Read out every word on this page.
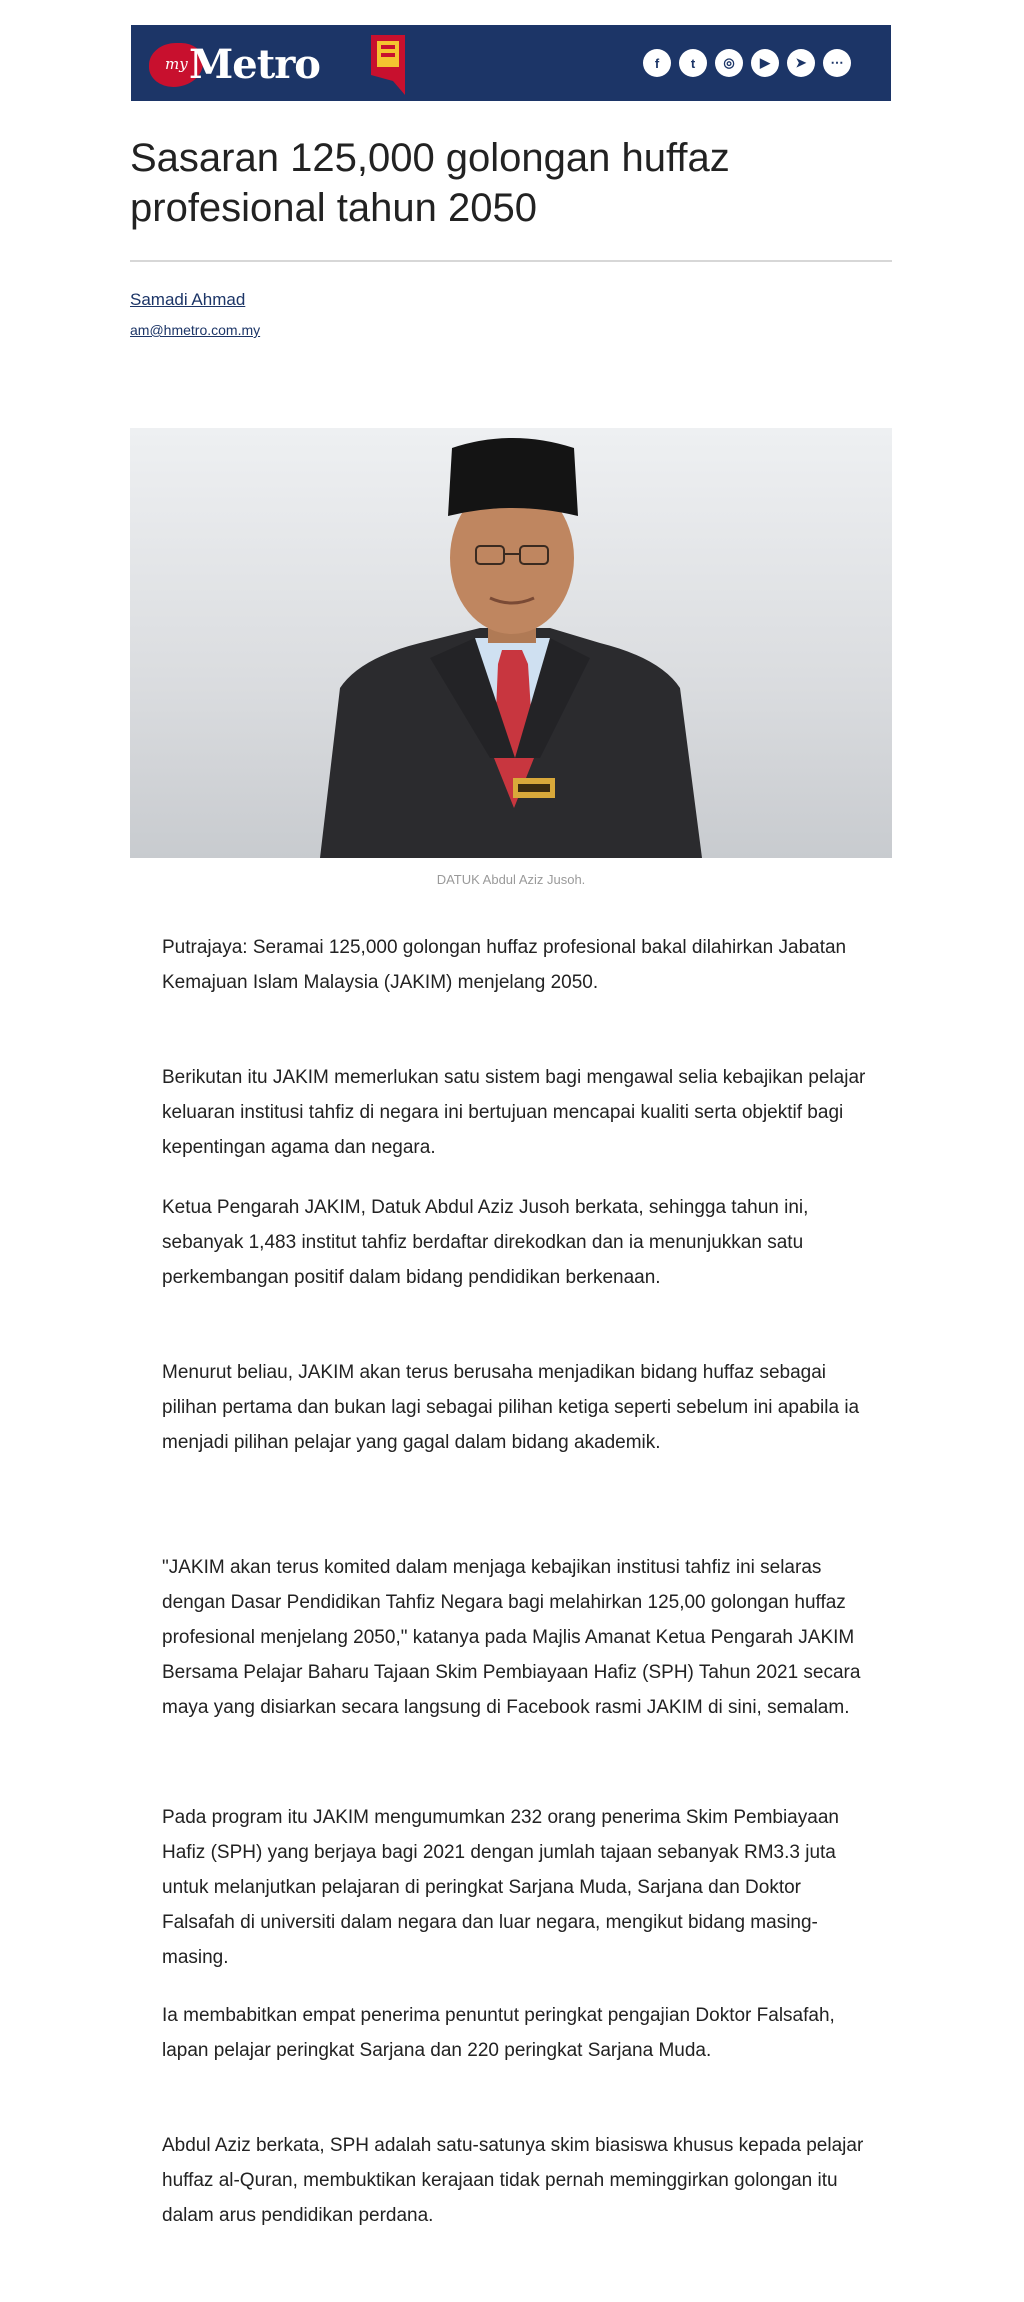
my Metro	f	t	◎	▶	➤	⋯
Sasaran 125,000 golongan huffaz profesional tahun 2050
Samadi Ahmad
am@hmetro.com.my
DATUK Abdul Aziz Jusoh.

Putrajaya: Seramai 125,000 golongan huffaz profesional bakal dilahirkan Jabatan Kemajuan Islam Malaysia (JAKIM) menjelang 2050.

Berikutan itu JAKIM memerlukan satu sistem bagi mengawal selia kebajikan pelajar keluaran institusi tahfiz di negara ini bertujuan mencapai kualiti serta objektif bagi kepentingan agama dan negara.

Ketua Pengarah JAKIM, Datuk Abdul Aziz Jusoh berkata, sehingga tahun ini, sebanyak 1,483 institut tahfiz berdaftar direkodkan dan ia menunjukkan satu perkembangan positif dalam bidang pendidikan berkenaan.

Menurut beliau, JAKIM akan terus berusaha menjadikan bidang huffaz sebagai pilihan pertama dan bukan lagi sebagai pilihan ketiga seperti sebelum ini apabila ia menjadi pilihan pelajar yang gagal dalam bidang akademik.

"JAKIM akan terus komited dalam menjaga kebajikan institusi tahfiz ini selaras dengan Dasar Pendidikan Tahfiz Negara bagi melahirkan 125,00 golongan huffaz profesional menjelang 2050," katanya pada Majlis Amanat Ketua Pengarah JAKIM Bersama Pelajar Baharu Tajaan Skim Pembiayaan Hafiz (SPH) Tahun 2021 secara maya yang disiarkan secara langsung di Facebook rasmi JAKIM di sini, semalam.

Pada program itu JAKIM mengumumkan 232 orang penerima Skim Pembiayaan Hafiz (SPH) yang berjaya bagi 2021 dengan jumlah tajaan sebanyak RM3.3 juta untuk melanjutkan pelajaran di peringkat Sarjana Muda, Sarjana dan Doktor Falsafah di universiti dalam negara dan luar negara, mengikut bidang masing-masing.

Ia membabitkan empat penerima penuntut peringkat pengajian Doktor Falsafah, lapan pelajar peringkat Sarjana dan 220 peringkat Sarjana Muda.

Abdul Aziz berkata, SPH adalah satu-satunya skim biasiswa khusus kepada pelajar huffaz al-Quran, membuktikan kerajaan tidak pernah meminggirkan golongan itu dalam arus pendidikan perdana.
